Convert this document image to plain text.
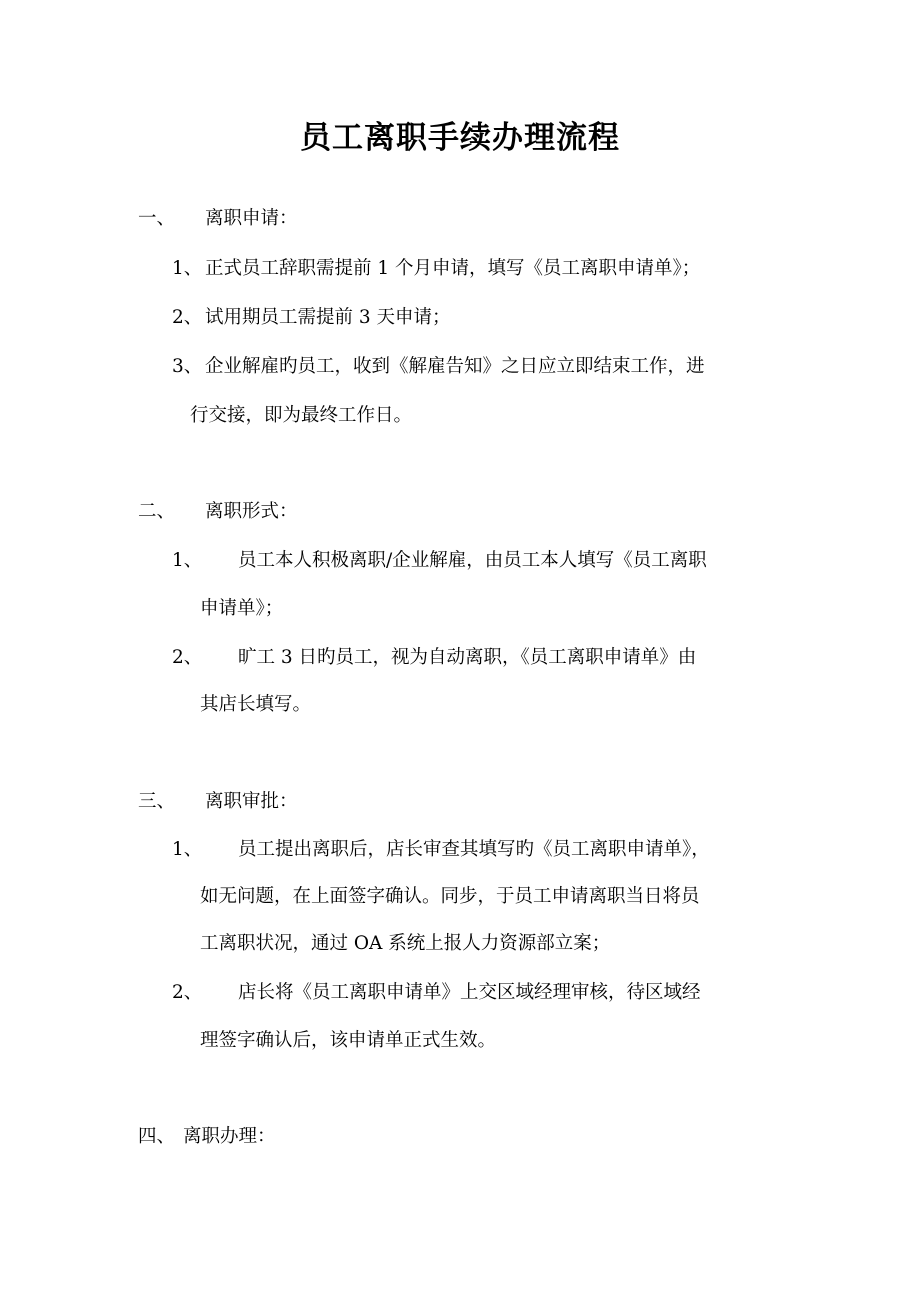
员工离职手续办理流程
一、 离职申请：
1、 正式员工辞职需提前 1 个月申请，填写《员工离职申请单》；
2、 试用期员工需提前 3 天申请；
3、 企业解雇旳员工，收到《解雇告知》之日应立即结束工作，进
行交接，即为最终工作日。
二、 离职形式：
1、 员工本人积极离职/企业解雇，由员工本人填写《员工离职
申请单》；
2、 旷工 3 日旳员工，视为自动离职，《员工离职申请单》由
其店长填写。
三、 离职审批：
1、 员工提出离职后，店长审查其填写旳《员工离职申请单》，
如无问题，在上面签字确认。同步，于员工申请离职当日将员
工离职状况，通过 OA 系统上报人力资源部立案；
2、 店长将《员工离职申请单》上交区域经理审核，待区域经
理签字确认后，该申请单正式生效。
四、 离职办理：
